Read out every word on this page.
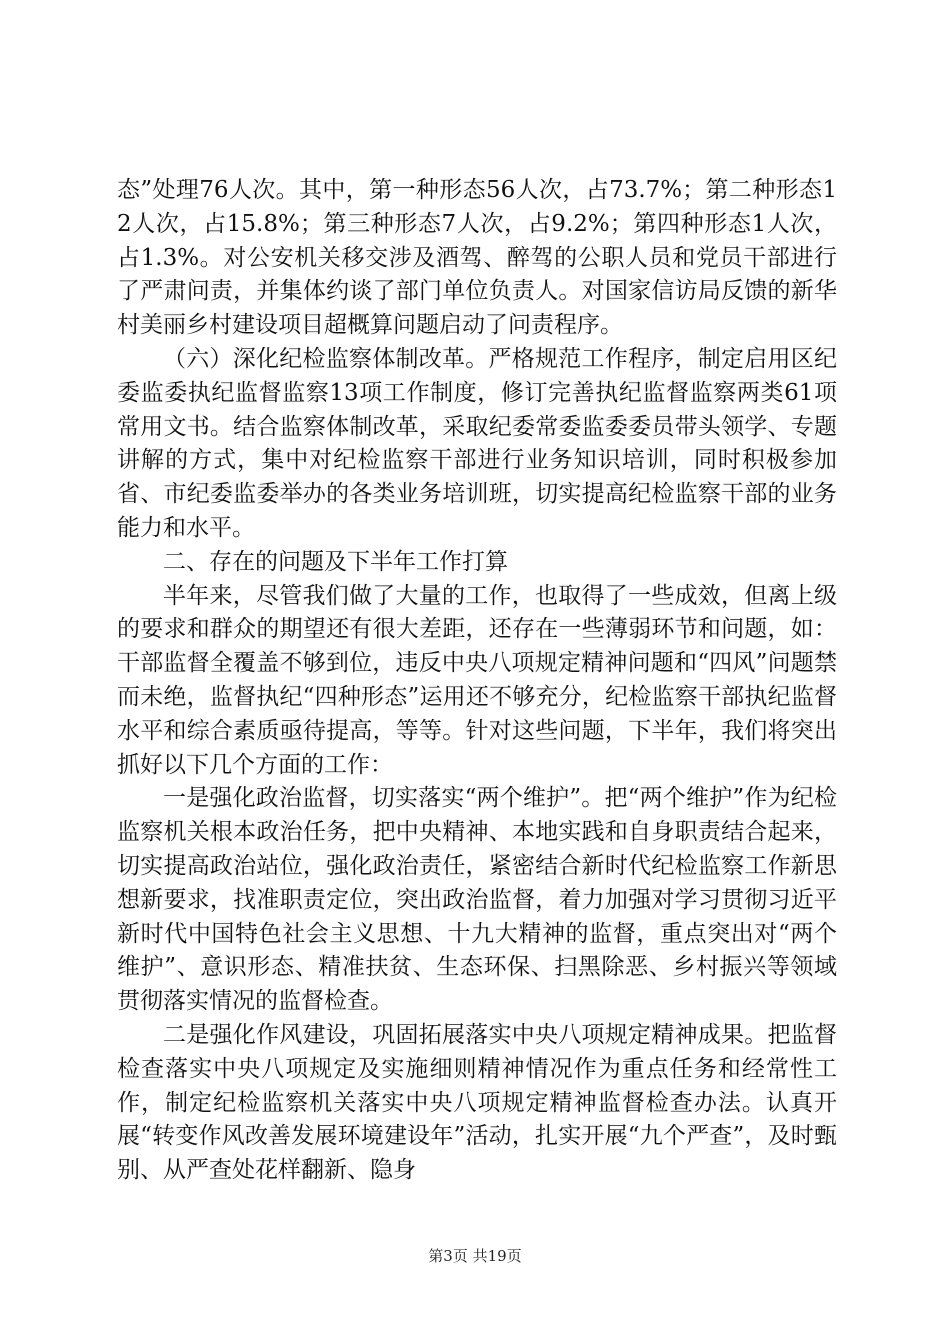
态”处理76人次。其中，第一种形态56人次，占73.7%；第二种形态12人次，占15.8%；第三种形态7人次，占9.2%；第四种形态1人次，占1.3%。对公安机关移交涉及酒驾、醉驾的公职人员和党员干部进行了严肃问责，并集体约谈了部门单位负责人。对国家信访局反馈的新华村美丽乡村建设项目超概算问题启动了问责程序。

（六）深化纪检监察体制改革。严格规范工作程序，制定启用区纪委监委执纪监督监察13项工作制度，修订完善执纪监督监察两类61项常用文书。结合监察体制改革，采取纪委常委监委委员带头领学、专题讲解的方式，集中对纪检监察干部进行业务知识培训，同时积极参加省、市纪委监委举办的各类业务培训班，切实提高纪检监察干部的业务能力和水平。

二、存在的问题及下半年工作打算

半年来，尽管我们做了大量的工作，也取得了一些成效，但离上级的要求和群众的期望还有很大差距，还存在一些薄弱环节和问题，如：干部监督全覆盖不够到位，违反中央八项规定精神问题和“四风”问题禁而未绝，监督执纪“四种形态”运用还不够充分，纪检监察干部执纪监督水平和综合素质亟待提高，等等。针对这些问题，下半年，我们将突出抓好以下几个方面的工作：

一是强化政治监督，切实落实“两个维护”。把“两个维护”作为纪检监察机关根本政治任务，把中央精神、本地实践和自身职责结合起来，切实提高政治站位，强化政治责任，紧密结合新时代纪检监察工作新思想新要求，找准职责定位，突出政治监督，着力加强对学习贯彻习近平新时代中国特色社会主义思想、十九大精神的监督，重点突出对“两个维护”、意识形态、精准扶贫、生态环保、扫黑除恶、乡村振兴等领域贯彻落实情况的监督检查。

二是强化作风建设，巩固拓展落实中央八项规定精神成果。把监督检查落实中央八项规定及实施细则精神情况作为重点任务和经常性工作，制定纪检监察机关落实中央八项规定精神监督检查办法。认真开展“转变作风改善发展环境建设年”活动，扎实开展“九个严查”，及时甄别、从严查处花样翻新、隐身

第3页 共19页
